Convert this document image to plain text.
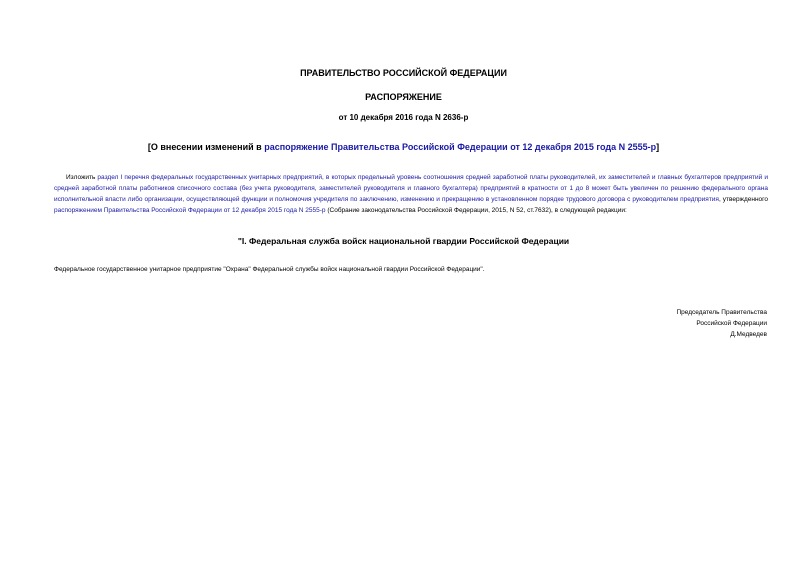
ПРАВИТЕЛЬСТВО РОССИЙСКОЙ ФЕДЕРАЦИИ
РАСПОРЯЖЕНИЕ
от 10 декабря 2016 года N 2636-р
[О внесении изменений в распоряжение Правительства Российской Федерации от 12 декабря 2015 года N 2555-р]
Изложить раздел I перечня федеральных государственных унитарных предприятий, в которых предельный уровень соотношения средней заработной платы руководителей, их заместителей и главных бухгалтеров предприятий и средней заработной платы работников списочного состава (без учета руководителя, заместителей руководителя и главного бухгалтера) предприятий в кратности от 1 до 8 может быть увеличен по решению федерального органа исполнительной власти либо организации, осуществляющей функции и полномочия учредителя по заключению, изменению и прекращению в установленном порядке трудового договора с руководителем предприятия, утвержденного распоряжением Правительства Российской Федерации от 12 декабря 2015 года N 2555-р (Собрание законодательства Российской Федерации, 2015, N 52, ст.7632), в следующей редакции:
"I. Федеральная служба войск национальной гвардии Российской Федерации
Федеральное государственное унитарное предприятие "Охрана" Федеральной службы войск национальной гвардии Российской Федерации".
Председатель Правительства
Российской Федерации
Д.Медведев
